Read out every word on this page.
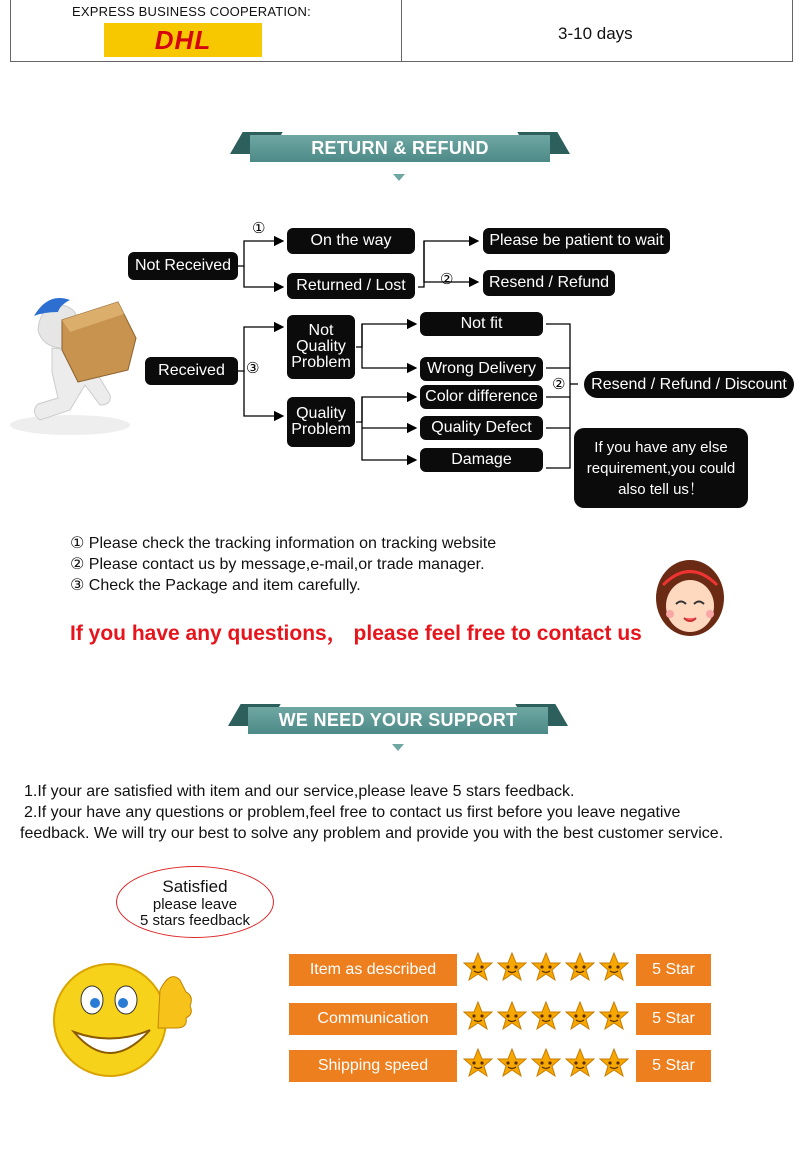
EXPRESS BUSINESS COOPERATION:
DHL	3-10 days
RETURN & REFUND
Not Received
①
On the way
Returned / Lost
Please be patient to wait
②	Resend / Refund
Received	③
Not Quality Problem
Quality Problem
Not fit
Wrong Delivery
Color difference
Quality Defect
Damage
②	Resend / Refund / Discount
If you have any else requirement,you could also tell us！
① Please check the tracking information on tracking website
② Please contact us by message,e-mail,or trade manager.
③ Check the Package and item carefully.
If you have any questions， please feel free to contact us
WE NEED YOUR SUPPORT
1.If your are satisfied with item and our service,please leave 5 stars feedback.
2.If your have any questions or problem,feel free to contact us first before you leave negative
feedback. We will try our best to solve any problem and provide you with the best customer service.
Satisfied
please leave
5 stars feedback
Item as described	5 Star
Communication	5 Star
Shipping speed	5 Star
